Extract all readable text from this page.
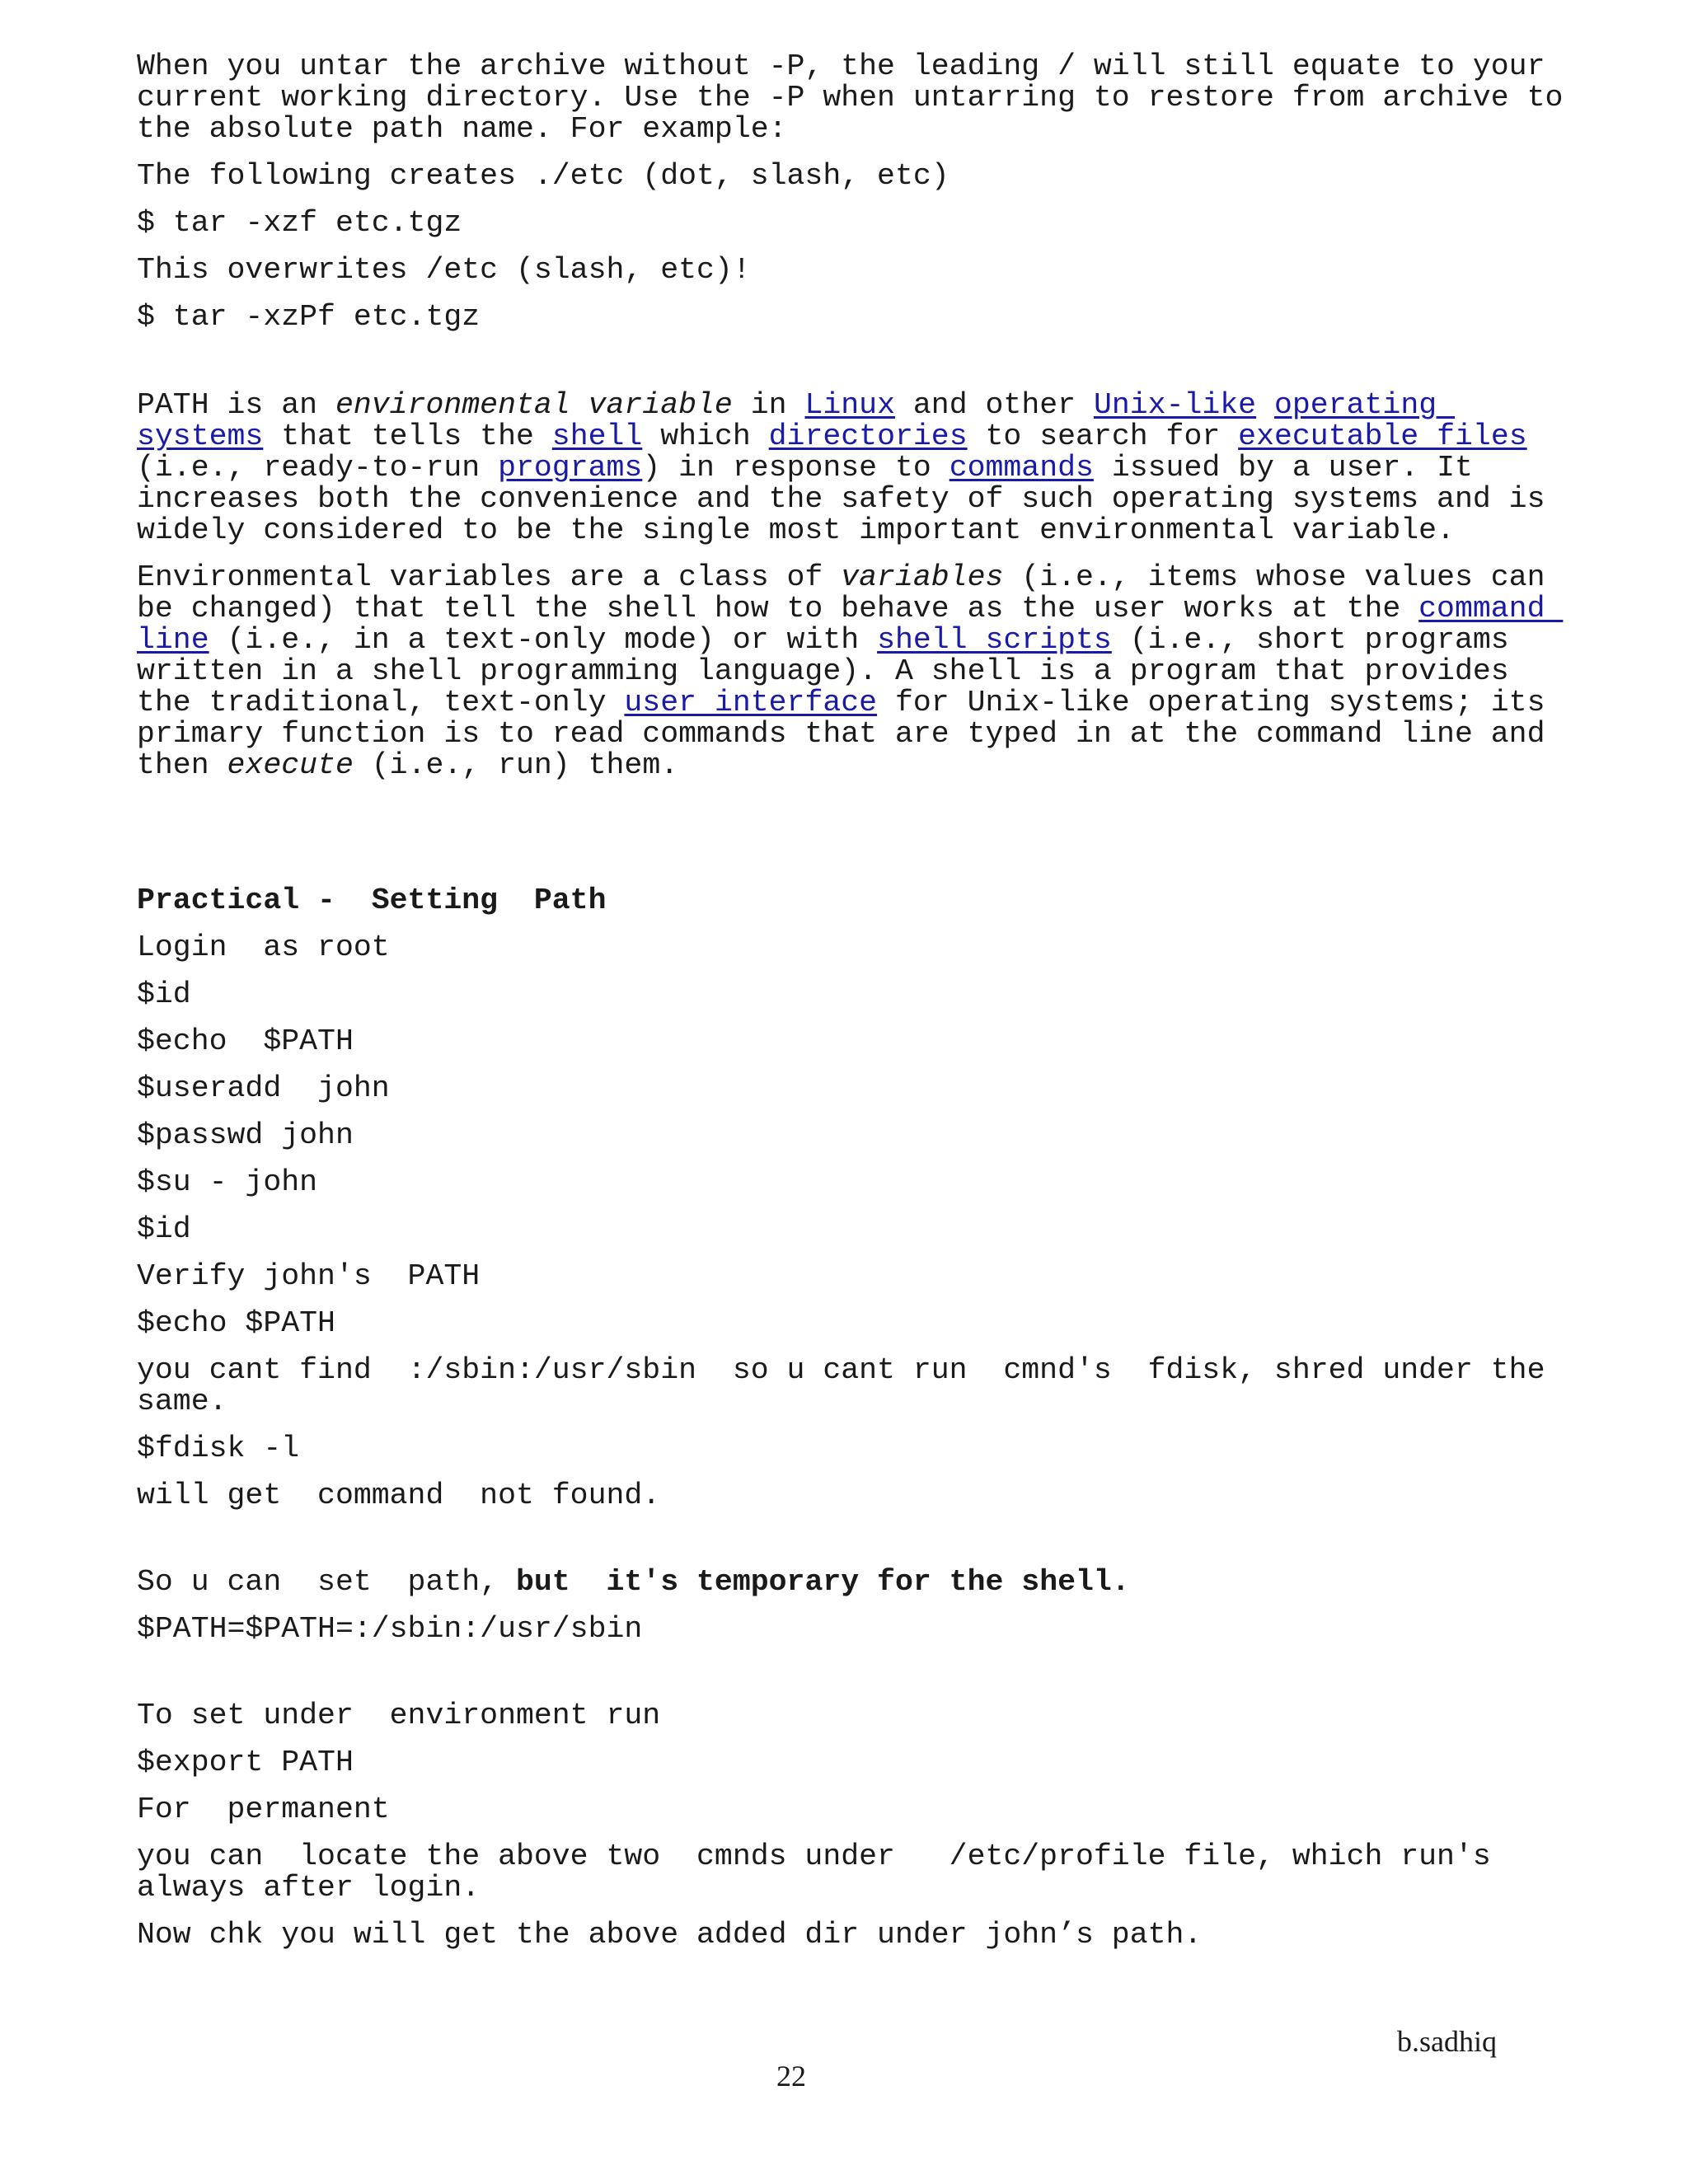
When you untar the archive without -P, the leading / will still equate to your current working directory. Use the -P when untarring to restore from archive to the absolute path name. For example:

The following creates ./etc (dot, slash, etc)

$ tar -xzf etc.tgz

This overwrites /etc (slash, etc)!

$ tar -xzPf etc.tgz

PATH is an environmental variable in Linux and other Unix-like operating systems that tells the shell which directories to search for executable files (i.e., ready-to-run programs) in response to commands issued by a user. It increases both the convenience and the safety of such operating systems and is widely considered to be the single most important environmental variable.

Environmental variables are a class of variables (i.e., items whose values can be changed) that tell the shell how to behave as the user works at the command line (i.e., in a text-only mode) or with shell scripts (i.e., short programs written in a shell programming language). A shell is a program that provides the traditional, text-only user interface for Unix-like operating systems; its primary function is to read commands that are typed in at the command line and then execute (i.e., run) them.

Practical -  Setting  Path

Login  as root

$id

$echo  $PATH

$useradd  john

$passwd john

$su - john

$id

Verify john's  PATH

$echo $PATH

you cant find  :/sbin:/usr/sbin  so u cant run  cmnd's  fdisk, shred under the same.

$fdisk -l

will get  command  not found.

So u can  set  path, but  it's temporary for the shell.

$PATH=$PATH=:/sbin:/usr/sbin

To set under  environment run

$export PATH

For  permanent

you can  locate the above two  cmnds under   /etc/profile file, which run's always after login.

Now chk you will get the above added dir under john’s path.

b.sadhiq
22
